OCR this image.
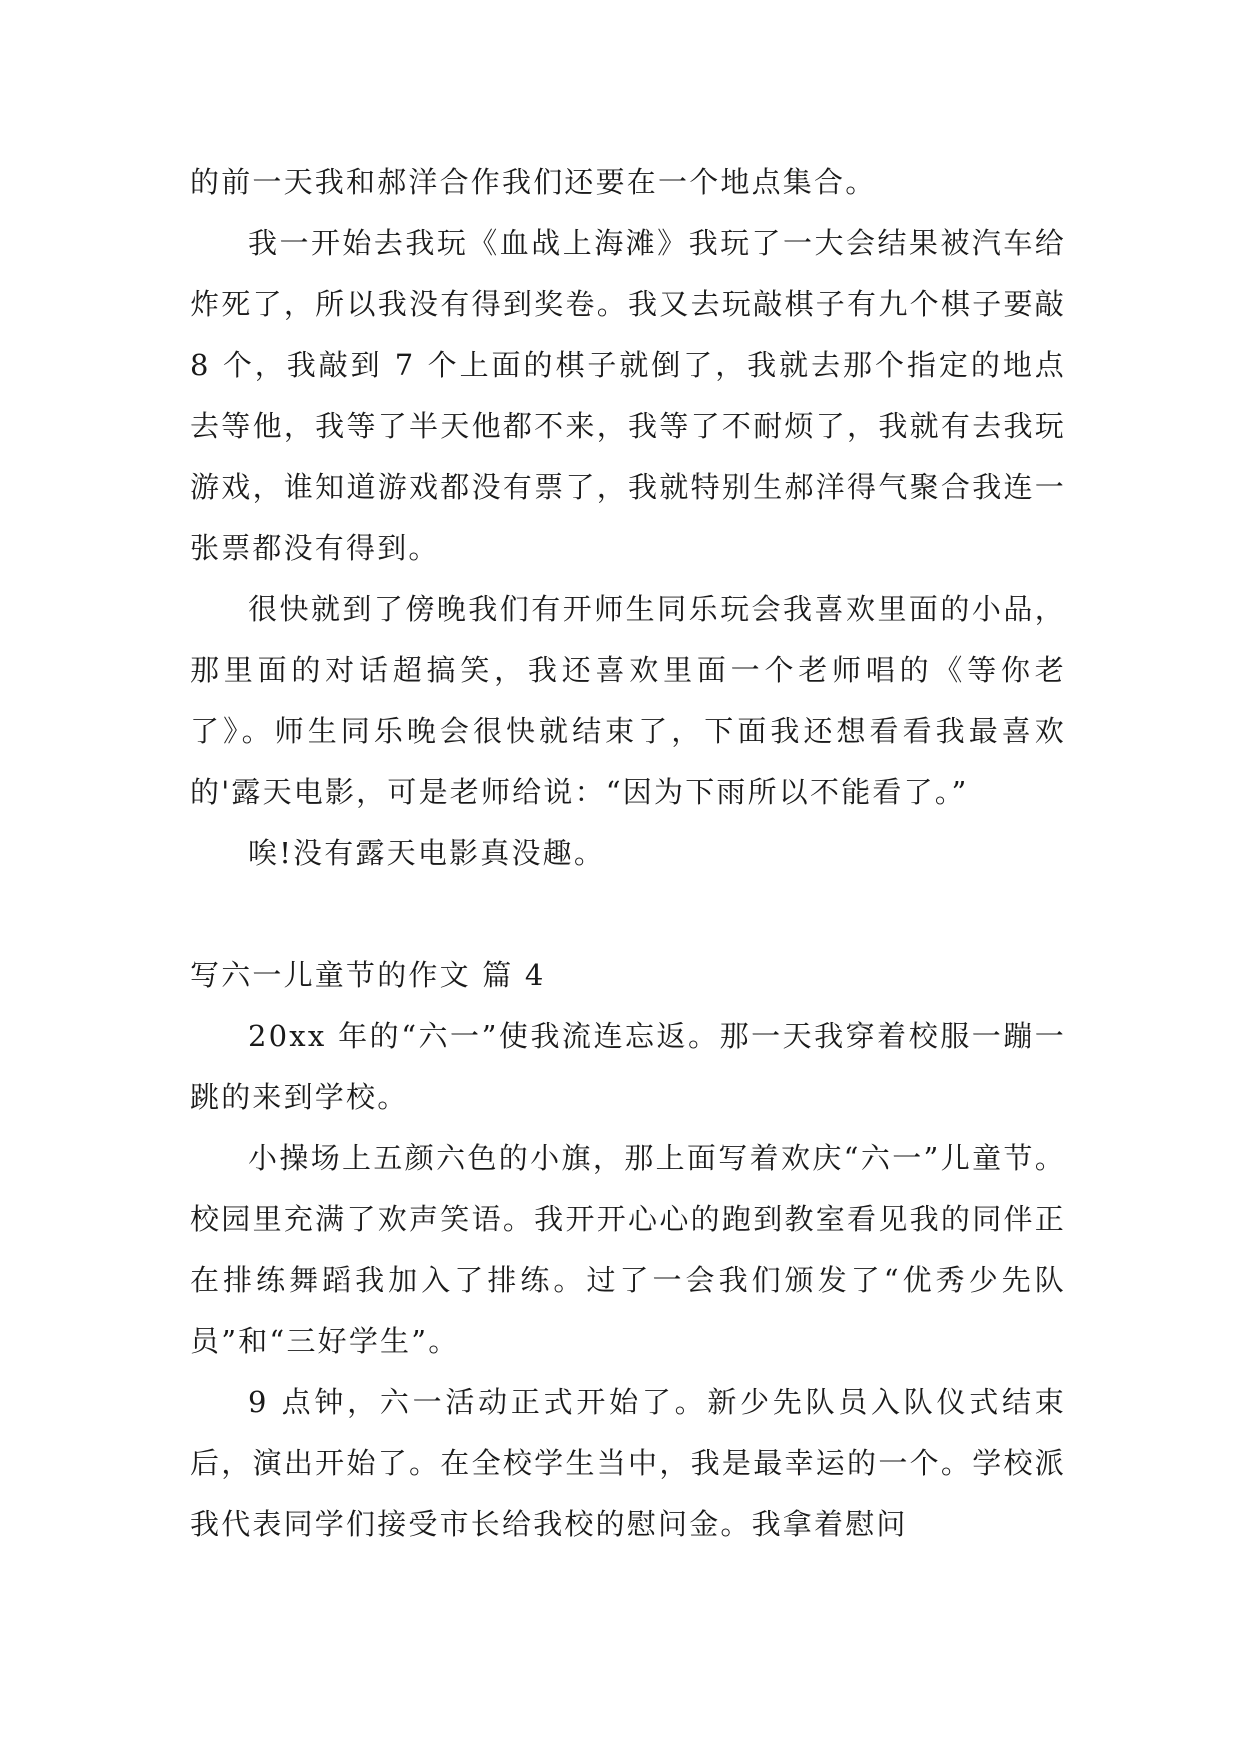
的前一天我和郝洋合作我们还要在一个地点集合。

我一开始去我玩《血战上海滩》我玩了一大会结果被汽车给炸死了，所以我没有得到奖卷。我又去玩敲棋子有九个棋子要敲 8 个，我敲到 7 个上面的棋子就倒了，我就去那个指定的地点去等他，我等了半天他都不来，我等了不耐烦了，我就有去我玩游戏，谁知道游戏都没有票了，我就特别生郝洋得气聚合我连一张票都没有得到。

很快就到了傍晚我们有开师生同乐玩会我喜欢里面的小品，那里面的对话超搞笑，我还喜欢里面一个老师唱的《等你老了》。师生同乐晚会很快就结束了，下面我还想看看我最喜欢的'露天电影，可是老师给说：“因为下雨所以不能看了。”

唉!没有露天电影真没趣。

写六一儿童节的作文 篇 4

20xx 年的“六一”使我流连忘返。那一天我穿着校服一蹦一跳的来到学校。

小操场上五颜六色的小旗，那上面写着欢庆“六一”儿童节。校园里充满了欢声笑语。我开开心心的跑到教室看见我的同伴正在排练舞蹈我加入了排练。过了一会我们颁发了“优秀少先队员”和“三好学生”。

9 点钟，六一活动正式开始了。新少先队员入队仪式结束后，演出开始了。在全校学生当中，我是最幸运的一个。学校派我代表同学们接受市长给我校的慰问金。我拿着慰问
